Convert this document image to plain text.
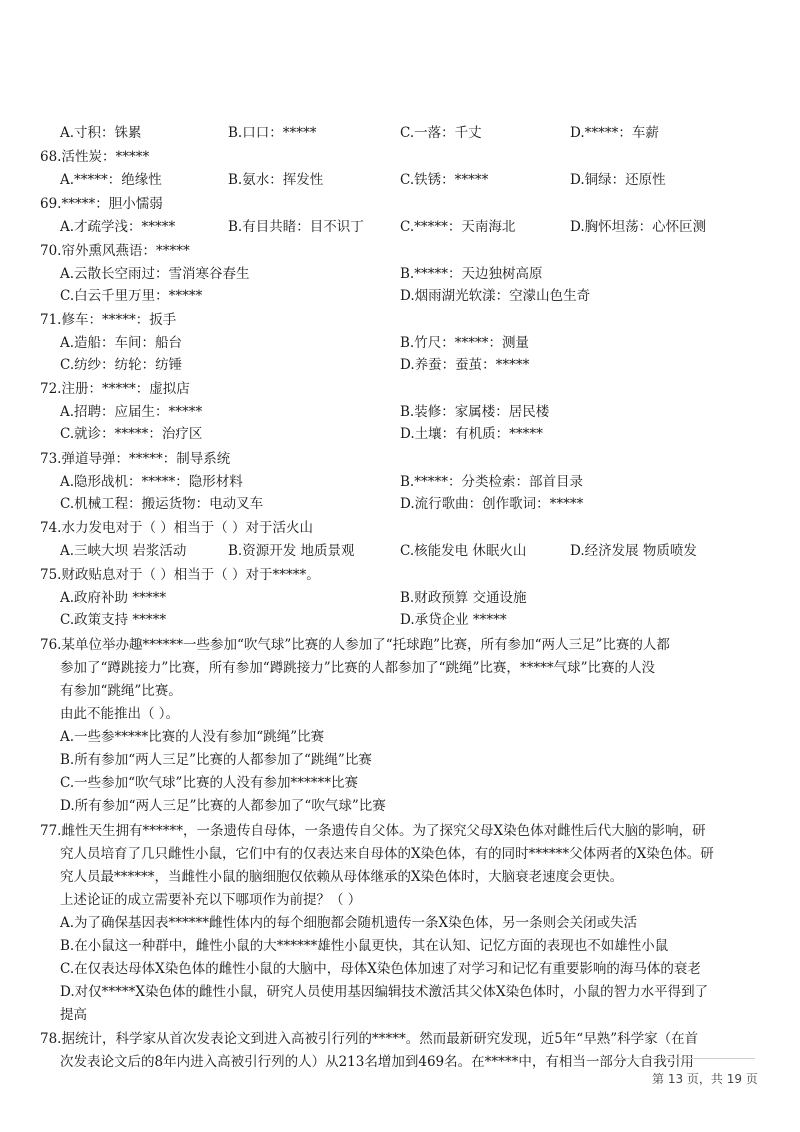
A.寸积：铢累	B.口口：*****	C.一落：千丈	D.*****：车薪
68.活性炭：*****
A.*****：绝缘性	B.氨水：挥发性	C.铁锈：*****	D.铜绿：还原性
69.*****：胆小懦弱
A.才疏学浅：*****	B.有目共睹：目不识丁	C.*****：天南海北	D.胸怀坦荡：心怀叵测
70.帘外熏风燕语：*****
A.云散长空雨过：雪消寒谷春生	B.*****：天边独树高原
C.白云千里万里：*****	D.烟雨湖光软漾：空濛山色生奇
71.修车：*****：扳手
A.造船：车间：船台	B.竹尺：*****：测量
C.纺纱：纺轮：纺锤	D.养蚕：蚕茧：*****
72.注册：*****：虚拟店
A.招聘：应届生：*****	B.装修：家属楼：居民楼
C.就诊：*****：治疗区	D.土壤：有机质：*****
73.弹道导弹：*****：制导系统
A.隐形战机：*****：隐形材料	B.*****：分类检索：部首目录
C.机械工程：搬运货物：电动叉车	D.流行歌曲：创作歌词：*****
74.水力发电对于（ ）相当于（ ）对于活火山
A.三峡大坝 岩浆活动	B.资源开发 地质景观	C.核能发电 休眠火山	D.经济发展 物质喷发
75.财政贴息对于（ ）相当于（ ）对于*****。
A.政府补助 *****	B.财政预算 交通设施
C.政策支持 *****	D.承贷企业 *****
76.某单位举办趣******一些参加“吹气球”比赛的人参加了“托球跑”比赛，所有参加“两人三足”比赛的人都
参加了“蹲跳接力”比赛，所有参加“蹲跳接力”比赛的人都参加了“跳绳”比赛，*****气球”比赛的人没
有参加“跳绳”比赛。
由此不能推出（ ）。
A.一些参*****比赛的人没有参加“跳绳”比赛
B.所有参加“两人三足”比赛的人都参加了“跳绳”比赛
C.一些参加“吹气球”比赛的人没有参加******比赛
D.所有参加“两人三足”比赛的人都参加了“吹气球”比赛
77.雌性天生拥有******，一条遗传自母体，一条遗传自父体。为了探究父母X染色体对雌性后代大脑的影响，研
究人员培育了几只雌性小鼠，它们中有的仅表达来自母体的X染色体，有的同时******父体两者的X染色体。研
究人员最******，当雌性小鼠的脑细胞仅依赖从母体继承的X染色体时，大脑衰老速度会更快。
上述论证的成立需要补充以下哪项作为前提？（ ）
A.为了确保基因表******雌性体内的每个细胞都会随机遗传一条X染色体，另一条则会关闭或失活
B.在小鼠这一种群中，雌性小鼠的大******雄性小鼠更快，其在认知、记忆方面的表现也不如雄性小鼠
C.在仅表达母体X染色体的雌性小鼠的大脑中，母体X染色体加速了对学习和记忆有重要影响的海马体的衰老
D.对仅*****X染色体的雌性小鼠，研究人员使用基因编辑技术激活其父体X染色体时，小鼠的智力水平得到了
提高
78.据统计，科学家从首次发表论文到进入高被引行列的*****。然而最新研究发现，近5年“早熟”科学家（在首
次发表论文后的8年内进入高被引行列的人）从213名增加到469名。在*****中，有相当一部分人自我引用
第 13 页，共 19 页
